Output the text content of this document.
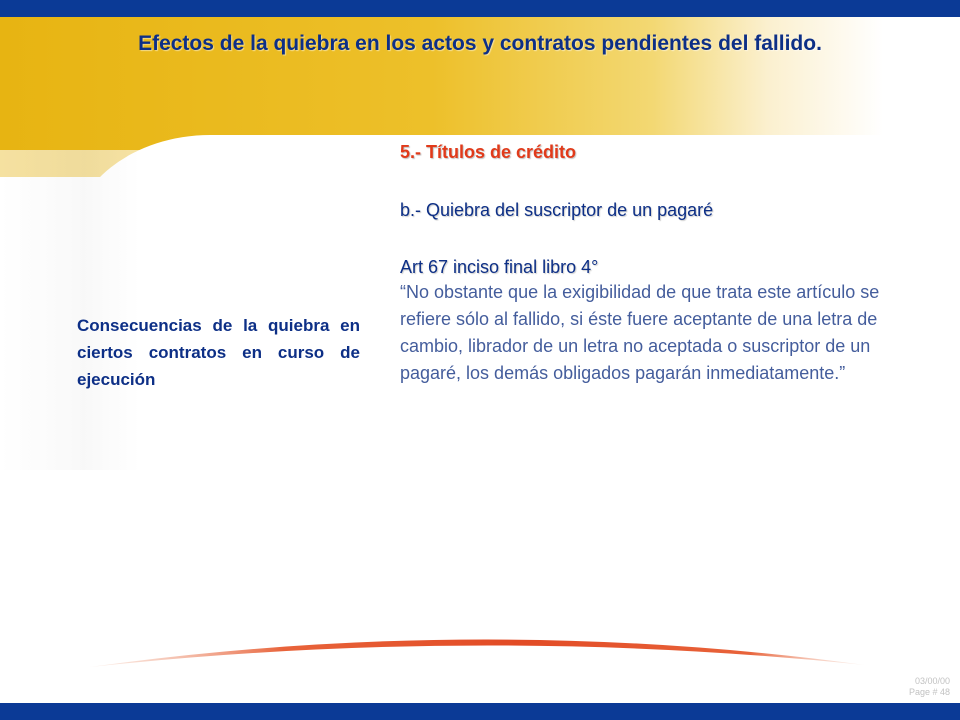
Efectos de la quiebra en los actos y contratos pendientes del fallido.
Consecuencias de la quiebra en ciertos contratos en curso de ejecución
5.- Títulos de crédito
b.- Quiebra del suscriptor de un pagaré
Art 67 inciso final libro 4°
“No obstante que la exigibilidad de que trata este artículo se refiere sólo al fallido, si éste fuere aceptante de una letra de cambio, librador de un letra no aceptada o suscriptor de un pagaré, los demás obligados pagarán inmediatamente.”
03/00/00
Page # 48
